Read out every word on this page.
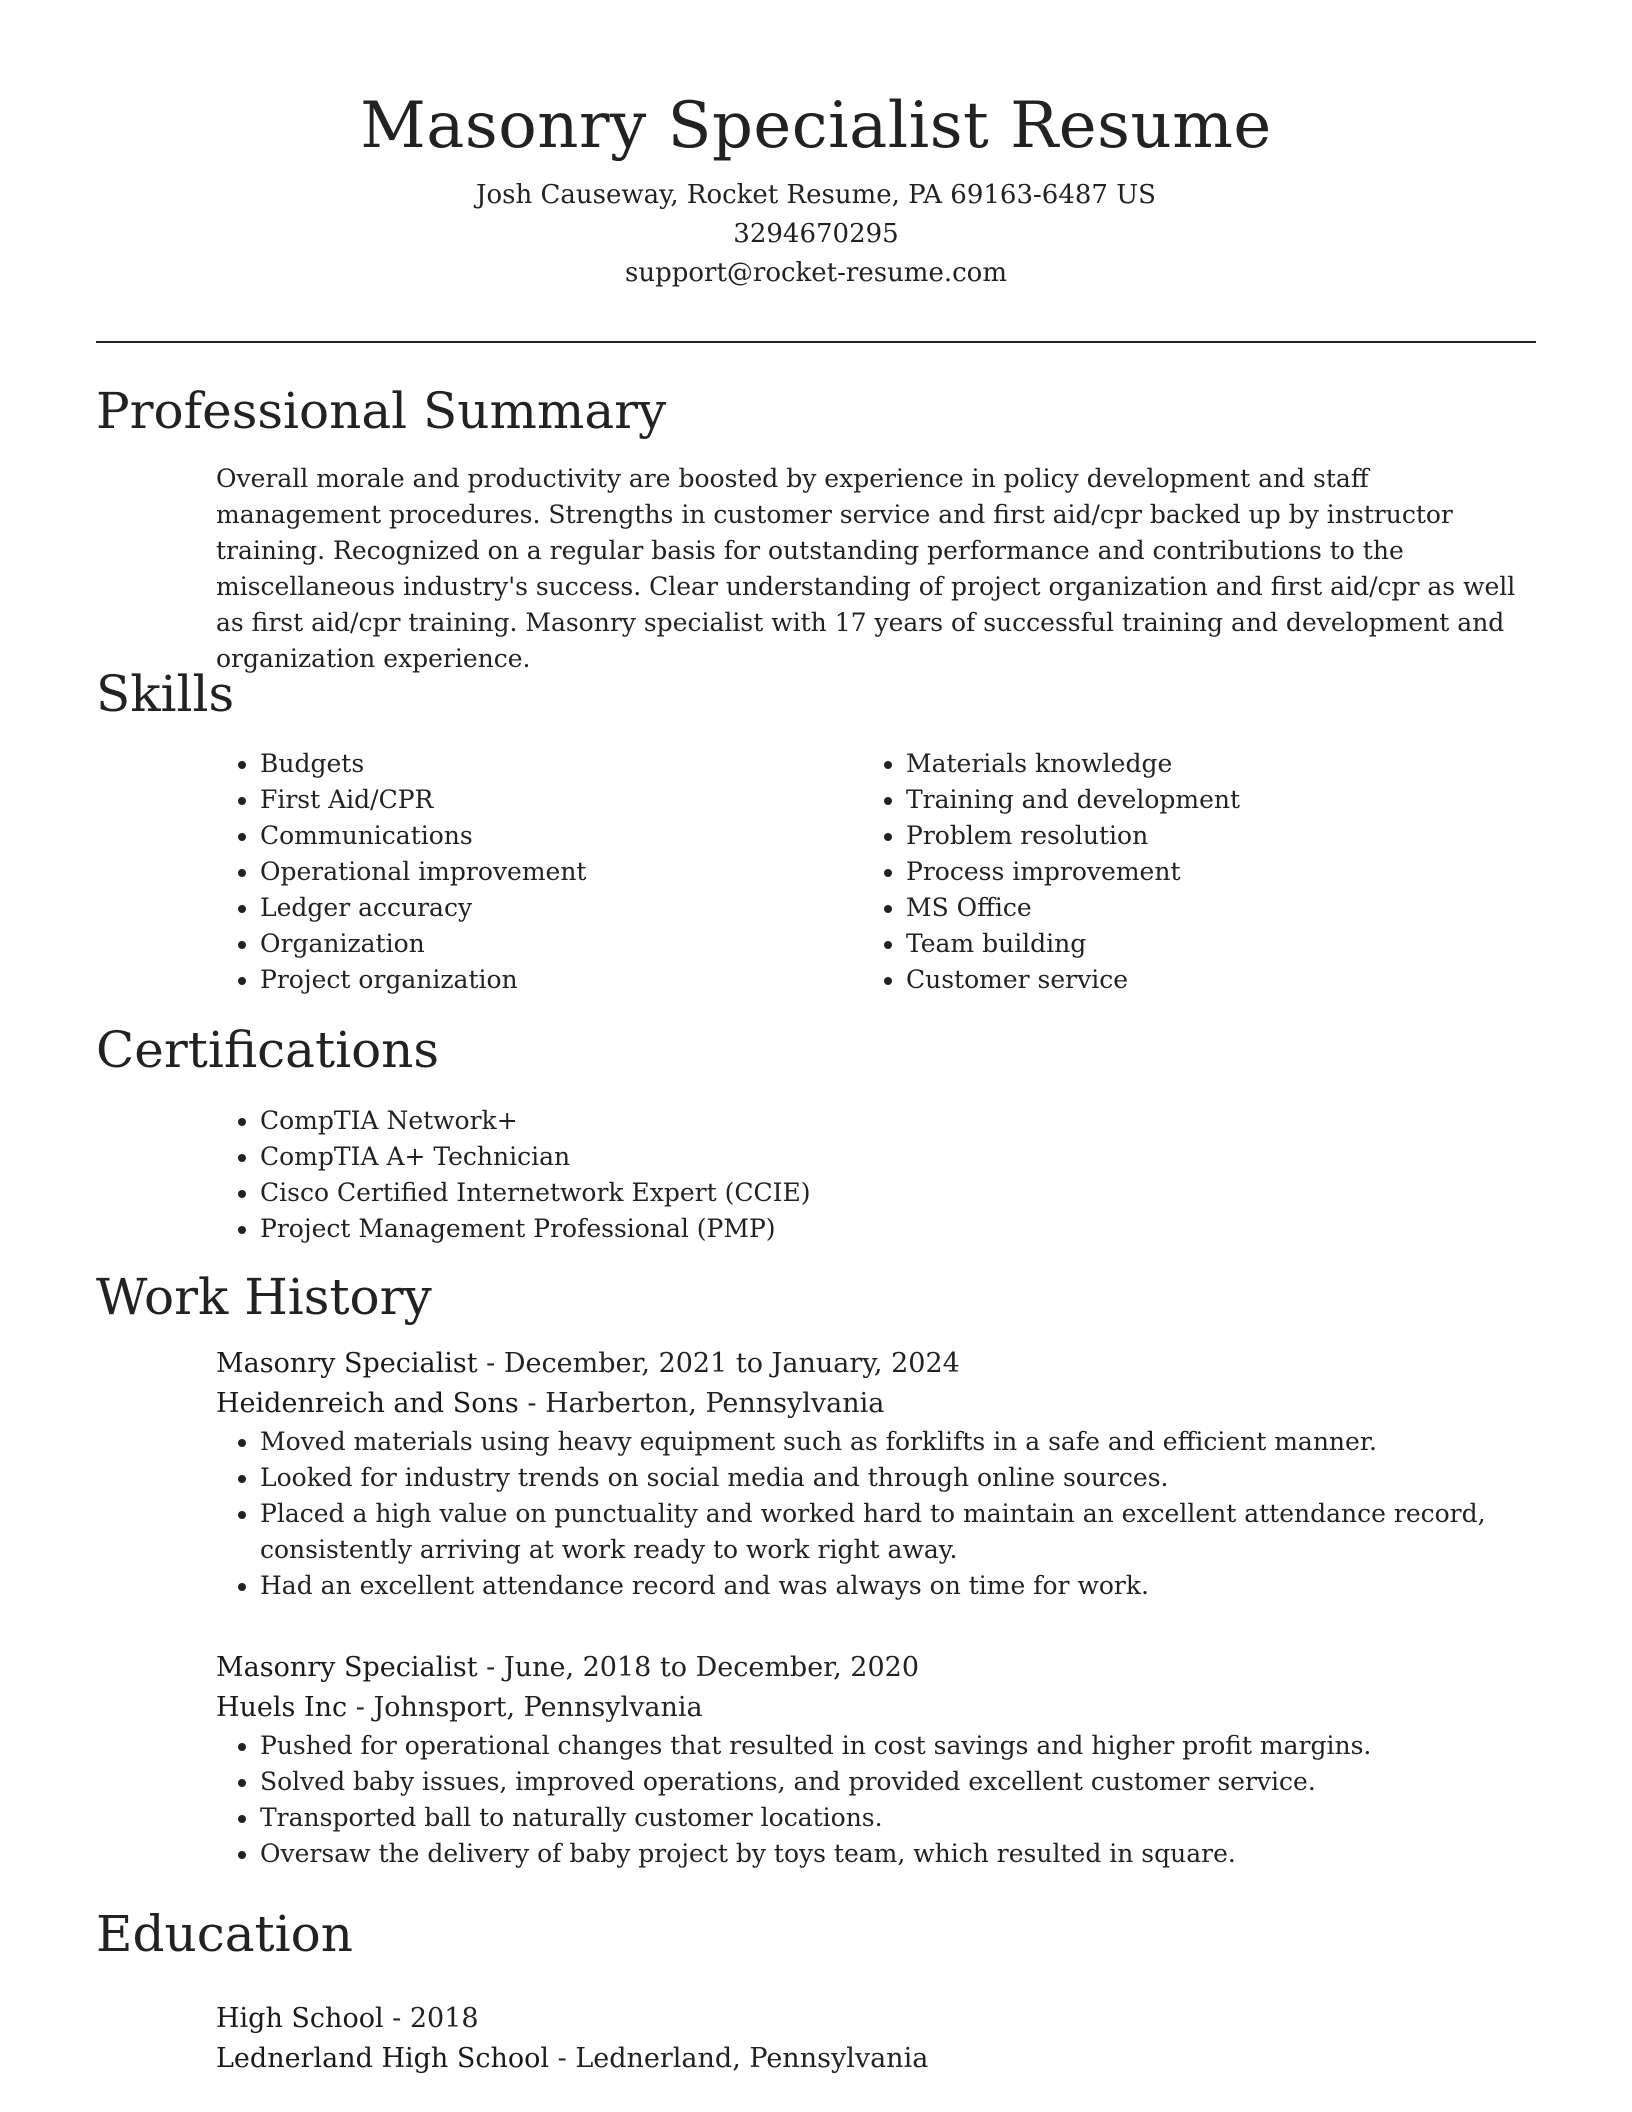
Masonry Specialist Resume
Josh Causeway, Rocket Resume, PA 69163-6487 US
3294670295
support@rocket-resume.com
Professional Summary

Overall morale and productivity are boosted by experience in policy development and staff management procedures. Strengths in customer service and first aid/cpr backed up by instructor training. Recognized on a regular basis for outstanding performance and contributions to the miscellaneous industry's success. Clear understanding of project organization and first aid/cpr as well as first aid/cpr training. Masonry specialist with 17 years of successful training and development and organization experience.

Skills
• Budgets
• First Aid/CPR
• Communications
• Operational improvement
• Ledger accuracy
• Organization
• Project organization
• Materials knowledge
• Training and development
• Problem resolution
• Process improvement
• MS Office
• Team building
• Customer service
Certifications
• CompTIA Network+
• CompTIA A+ Technician
• Cisco Certified Internetwork Expert (CCIE)
• Project Management Professional (PMP)
Work History
Masonry Specialist - December, 2021 to January, 2024
Heidenreich and Sons - Harberton, Pennsylvania
• Moved materials using heavy equipment such as forklifts in a safe and efficient manner.
• Looked for industry trends on social media and through online sources.
• Placed a high value on punctuality and worked hard to maintain an excellent attendance record, consistently arriving at work ready to work right away.
• Had an excellent attendance record and was always on time for work.
Masonry Specialist - June, 2018 to December, 2020
Huels Inc - Johnsport, Pennsylvania
• Pushed for operational changes that resulted in cost savings and higher profit margins.
• Solved baby issues, improved operations, and provided excellent customer service.
• Transported ball to naturally customer locations.
• Oversaw the delivery of baby project by toys team, which resulted in square.
Education
High School - 2018
Lednerland High School - Lednerland, Pennsylvania
